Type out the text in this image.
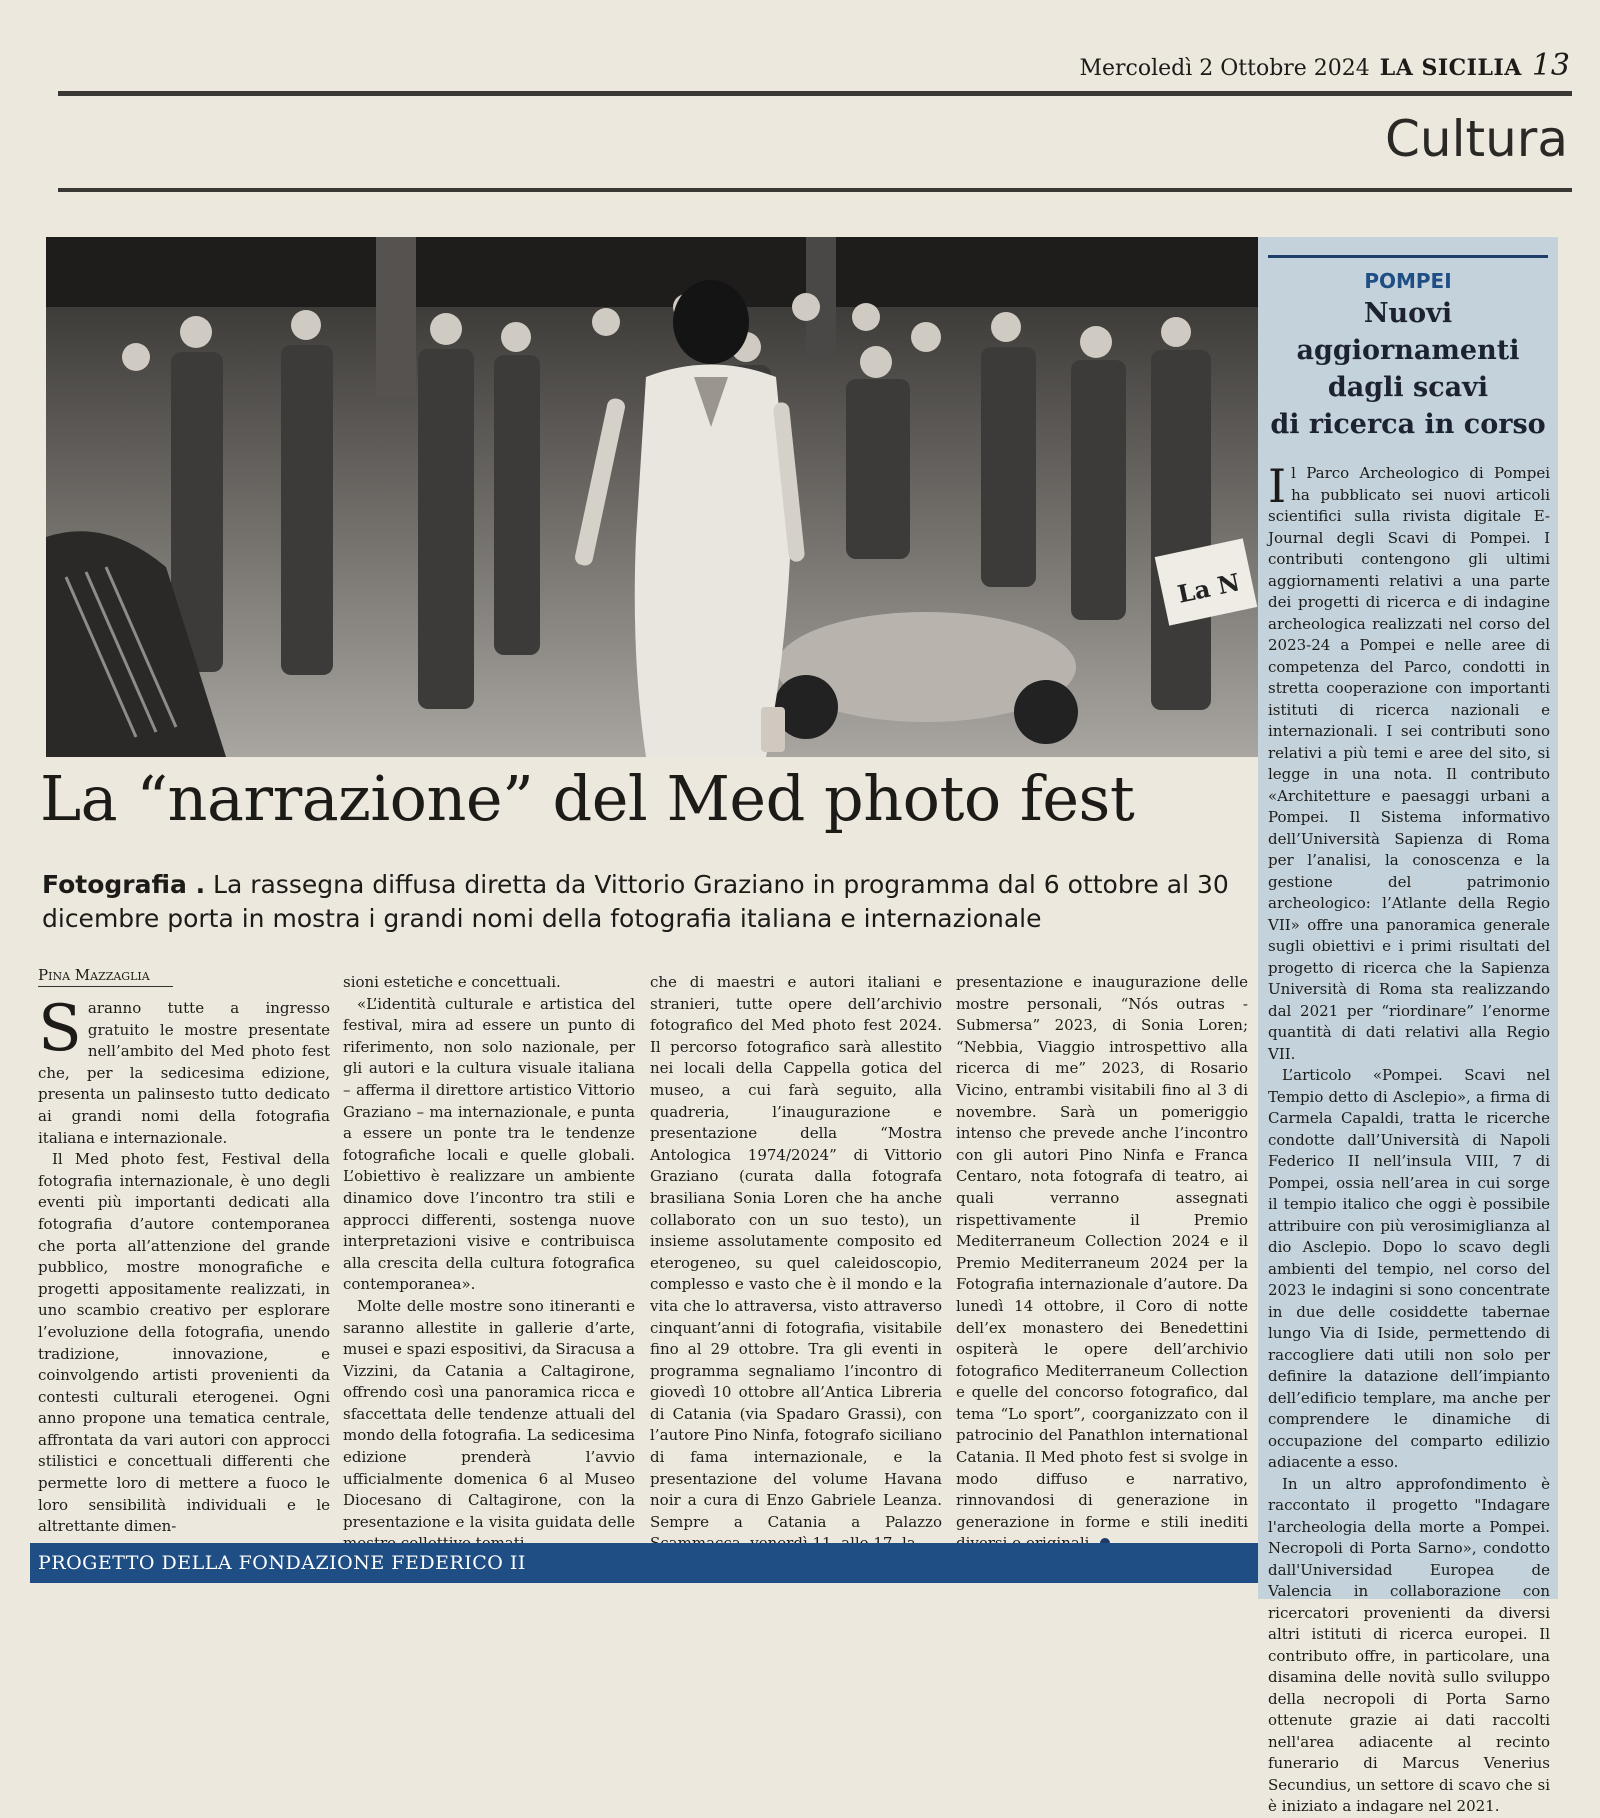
Mercoledì 2 Ottobre 2024 LA SICILIA 13
Cultura
La N
La “narrazione” del Med photo fest
Fotografia . La rassegna diffusa diretta da Vittorio Graziano in programma dal 6 ottobre al 30 dicembre porta in mostra i grandi nomi della fotografia italiana e internazionale
Pina Mazzaglia

Saranno tutte a ingresso gratuito le mostre presentate nell’ambito del Med photo fest che, per la sedicesima edizione, presenta un palinsesto tutto dedicato ai grandi nomi della fotografia italiana e internazionale.

Il Med photo fest, Festival della fotografia internazionale, è uno degli eventi più importanti dedicati alla fotografia d’autore contemporanea che porta all’attenzione del grande pubblico, mostre monografiche e progetti appositamente realizzati, in uno scambio creativo per esplorare l’evoluzione della fotografia, unendo tradizione, innovazione, e coinvolgendo artisti provenienti da contesti culturali eterogenei. Ogni anno propone una tematica centrale, affrontata da vari autori con approcci stilistici e concettuali differenti che permette loro di mettere a fuoco le loro sensibilità individuali e le altrettante dimen-

sioni estetiche e concettuali.

«L’identità culturale e artistica del festival, mira ad essere un punto di riferimento, non solo nazionale, per gli autori e la cultura visuale italiana – afferma il direttore artistico Vittorio Graziano – ma internazionale, e punta a essere un ponte tra le tendenze fotografiche locali e quelle globali. L’obiettivo è realizzare un ambiente dinamico dove l’incontro tra stili e approcci differenti, sostenga nuove interpretazioni visive e contribuisca alla crescita della cultura fotografica contemporanea».

Molte delle mostre sono itineranti e saranno allestite in gallerie d’arte, musei e spazi espositivi, da Siracusa a Vizzini, da Catania a Caltagirone, offrendo così una panoramica ricca e sfaccettata delle tendenze attuali del mondo della fotografia. La sedicesima edizione prenderà l’avvio ufficialmente domenica 6 al Museo Diocesano di Caltagirone, con la presentazione e la visita guidata delle

che di maestri e autori italiani e stranieri, tutte opere dell’archivio fotografico del Med photo fest 2024. Il percorso fotografico sarà allestito nei locali della Cappella gotica del museo, a cui farà seguito, alla quadreria, l’inaugurazione e presentazione della “Mostra Antologica 1974/2024” di Vittorio Graziano (curata dalla fotografa brasiliana Sonia Loren che ha anche collaborato con un suo testo), un insieme assolutamente composito ed eterogeneo, su quel caleidoscopio, complesso e vasto che è il mondo e la vita che lo attraversa, visto attraverso cinquant’anni di fotografia, visitabile fino al 29 ottobre. Tra gli eventi in programma segnaliamo l’incontro di giovedì 10 ottobre all’Antica Libreria di Catania (via Spadaro Grassi), con l’autore Pino Ninfa, fotografo siciliano di fama internazionale, e la presentazione del volume Havana noir a cura di Enzo Gabriele Leanza. Sempre a Catania a Palazzo

presentazione e inaugurazione delle mostre personali, “Nós outras - Submersa” 2023, di Sonia Loren; “Nebbia, Viaggio introspettivo alla ricerca di me” 2023, di Rosario Vicino, entrambi visitabili fino al 3 di novembre. Sarà un pomeriggio intenso che prevede anche l’incontro con gli autori Pino Ninfa e Franca Centaro, nota fotografa di teatro, ai quali verranno assegnati rispettivamente il Premio Mediterraneum Collection 2024 e il Premio Mediterraneum 2024 per la Fotografia internazionale d’autore. Da lunedì 14 ottobre, il Coro di notte dell’ex monastero dei Benedettini ospiterà le opere dell’archivio fotografico Mediterraneum Collection e quelle del concorso fotografico, dal tema “Lo sport”, coorganizzato con il patrocinio del Panathlon international Catania. Il Med photo fest si svolge in modo diffuso e narrativo, rinnovandosi di generazione in generazione in forme e stili inediti

PROGETTO DELLA FONDAZIONE FEDERICO II
POMPEI
Nuovi
aggiornamenti
dagli scavi
di ricerca in corso

Il Parco Archeologico di Pompei ha pubblicato sei nuovi articoli scientifici sulla rivista digitale E-Journal degli Scavi di Pompei. I contributi contengono gli ultimi aggiornamenti relativi a una parte dei progetti di ricerca e di indagine archeologica realizzati nel corso del 2023-24 a Pompei e nelle aree di competenza del Parco, condotti in stretta cooperazione con importanti istituti di ricerca nazionali e internazionali. I sei contributi sono relativi a più temi e aree del sito, si legge in una nota. Il contributo «Architetture e paesaggi urbani a Pompei. Il Sistema informativo dell’Università Sapienza di Roma per l’analisi, la conoscenza e la gestione del patrimonio archeologico: l’Atlante della Regio VII» offre una panoramica generale sugli obiettivi e i primi risultati del progetto di ricerca che la Sapienza Università di Roma sta realizzando dal 2021 per “riordinare” l’enorme quantità di dati relativi alla Regio VII.

L’articolo «Pompei. Scavi nel Tempio detto di Asclepio», a firma di Carmela Capaldi, tratta le ricerche condotte dall’Università di Napoli Federico II nell’insula VIII, 7 di Pompei, ossia nell’area in cui sorge il tempio italico che oggi è possibile attribuire con più verosimiglianza al dio Asclepio. Dopo lo scavo degli ambienti del tempio, nel corso del 2023 le indagini si sono concentrate in due delle cosiddette tabernae lungo Via di Iside, permettendo di raccogliere dati utili non solo per definire la datazione dell’impianto dell’edificio templare, ma anche per comprendere le dinamiche di occupazione del comparto edilizio adiacente a esso.

In un altro approfondimento è raccontato il progetto "Indagare l'archeologia della morte a Pompei. Necropoli di Porta Sarno», condotto dall'Universidad Europea de Valencia in collaborazione con ricercatori provenienti da diversi altri istituti di ricerca europei. Il contributo offre, in particolare, una disamina delle novità sullo sviluppo della necropoli di Porta Sarno ottenute grazie ai dati raccolti nell'area adiacente al recinto funerario di Marcus Venerius Secundius, un settore di scavo che si è iniziato a indagare nel 2021.
